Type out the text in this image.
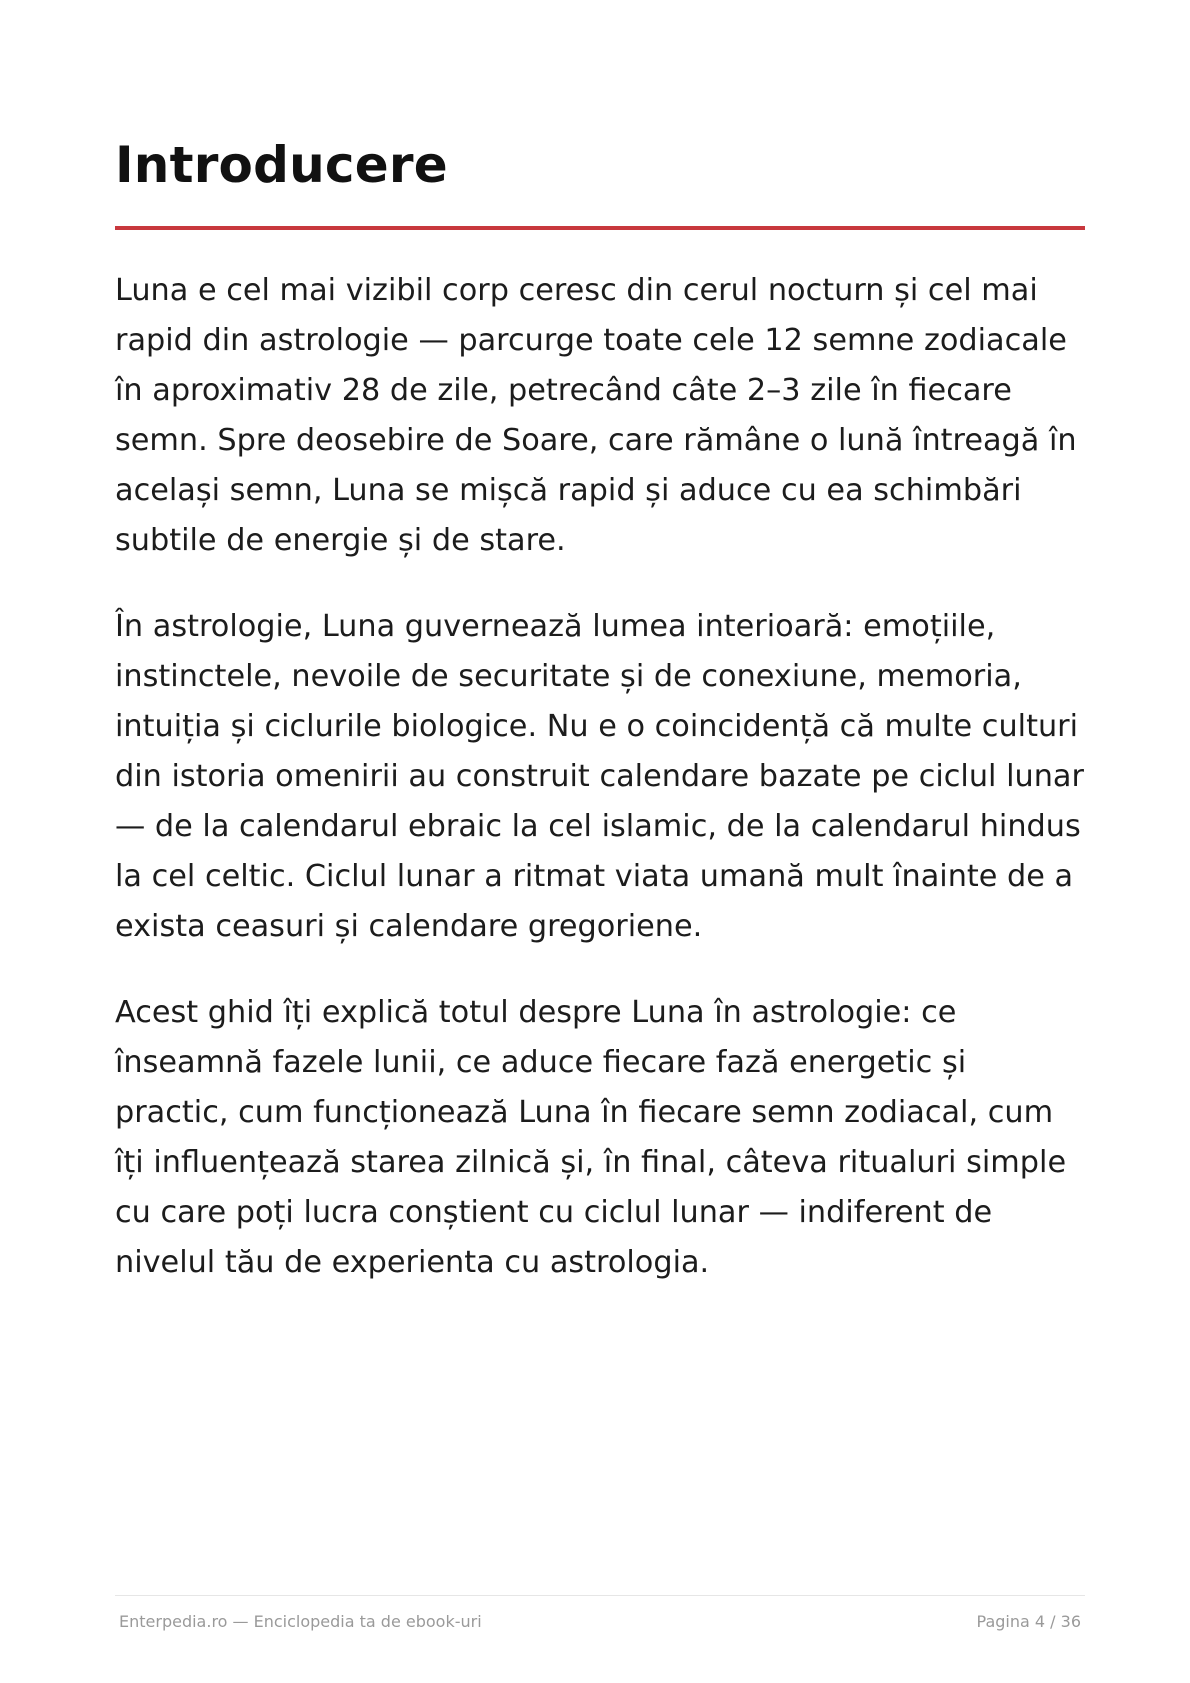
Introducere

Luna e cel mai vizibil corp ceresc din cerul nocturn și cel mai rapid din astrologie — parcurge toate cele 12 semne zodiacale în aproximativ 28 de zile, petrecând câte 2–3 zile în fiecare semn. Spre deosebire de Soare, care rămâne o lună întreagă în același semn, Luna se mișcă rapid și aduce cu ea schimbări subtile de energie și de stare.

În astrologie, Luna guvernează lumea interioară: emoțiile, instinctele, nevoile de securitate și de conexiune, memoria, intuiția și ciclurile biologice. Nu e o coincidență că multe culturi din istoria omenirii au construit calendare bazate pe ciclul lunar — de la calendarul ebraic la cel islamic, de la calendarul hindus la cel celtic. Ciclul lunar a ritmat viata umană mult înainte de a exista ceasuri și calendare gregoriene.

Acest ghid îți explică totul despre Luna în astrologie: ce înseamnă fazele lunii, ce aduce fiecare fază energetic și practic, cum funcționează Luna în fiecare semn zodiacal, cum îți influențează starea zilnică și, în final, câteva ritualuri simple cu care poți lucra conștient cu ciclul lunar — indiferent de nivelul tău de experienta cu astrologia.

Enterpedia.ro — Enciclopedia ta de ebook-uri	Pagina 4 / 36
